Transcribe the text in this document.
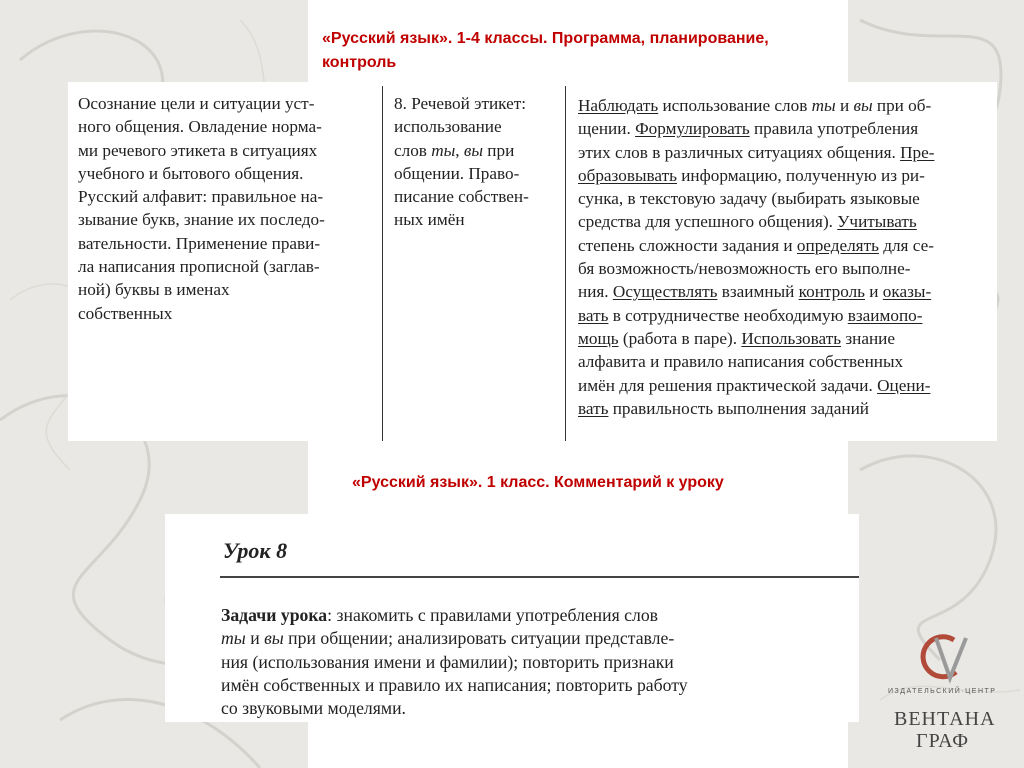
«Русский язык». 1-4 классы. Программа, планирование, контроль

Осознание цели и ситуации уст-
ного общения. Овладение норма-
ми речевого этикета в ситуациях
учебного и бытового общения.
Русский алфавит: правильное на-
зывание букв, знание их последо-
вательности. Применение прави-
ла написания прописной (заглав-
ной) буквы в именах
собственных

8. Речевой этикет:

использование

слов ты, вы при

общении. Право-

писание собствен-

ных имён

Наблюдать использование слов ты и вы при об-

щении. Формулировать правила употребления

этих слов в различных ситуациях общения. Пре-

образовывать информацию, полученную из ри-

сунка, в текстовую задачу (выбирать языковые

средства для успешного общения). Учитывать

степень сложности задания и определять для се-

бя возможность/невозможность его выполне-

ния. Осуществлять взаимный контроль и оказы-

вать в сотрудничестве необходимую взаимопо-

мощь (работа в паре). Использовать знание

алфавита и правило написания собственных

имён для решения практической задачи. Оцени-

вать правильность выполнения заданий

«Русский язык». 1 класс. Комментарий к уроку
Урок 8

Задачи урока: знакомить с правилами употребления слов

ты и вы при общении; анализировать ситуации представле-

ния (использования имени и фамилии); повторить признаки

имён собственных и правило их написания; повторить работу

со звуковыми моделями.

ИЗДАТЕЛЬСКИЙ·ЦЕНТР
ВЕНТАНА
ГРАФ
